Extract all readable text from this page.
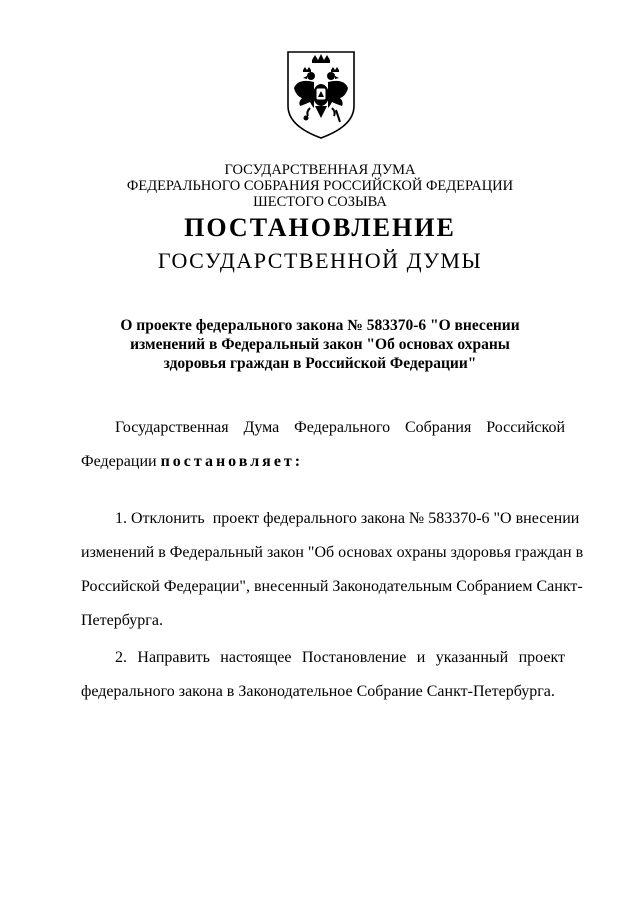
ГОСУДАРСТВЕННАЯ ДУМА
ФЕДЕРАЛЬНОГО СОБРАНИЯ РОССИЙСКОЙ ФЕДЕРАЦИИ
ШЕСТОГО СОЗЫВА
ПОСТАНОВЛЕНИЕ
ГОСУДАРСТВЕННОЙ ДУМЫ
О проекте федерального закона № 583370-6 "О внесении
изменений в Федеральный закон "Об основах охраны
здоровья граждан в Российской Федерации"
Государственная Дума Федерального Собрания Российской
Федерации постановляет:
1. Отклонить  проект федерального закона № 583370-6 "О внесении
изменений в Федеральный закон "Об основах охраны здоровья граждан в
Российской Федерации", внесенный Законодательным Собранием Санкт-
Петербурга.
2. Направить настоящее Постановление и указанный проект
федерального закона в Законодательное Собрание Санкт-Петербурга.
